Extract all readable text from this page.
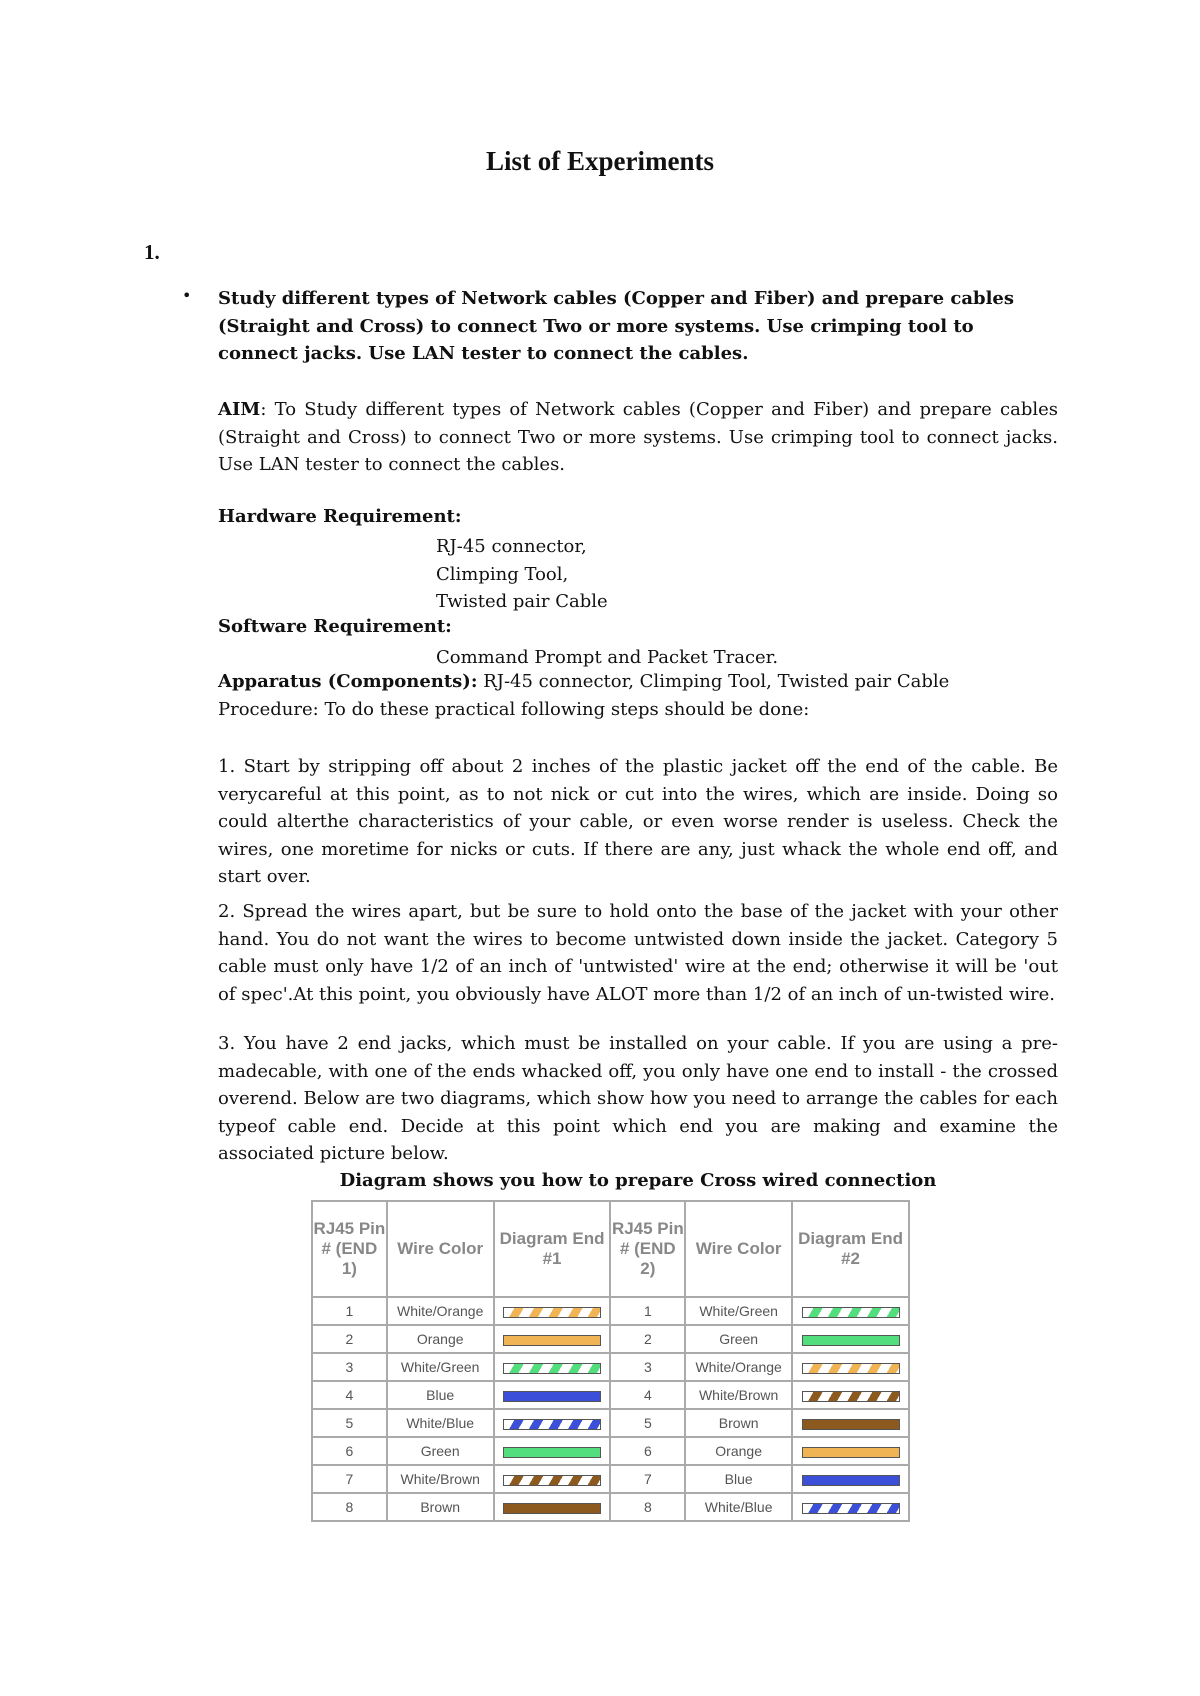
List of Experiments
1.
• Study different types of Network cables (Copper and Fiber) and prepare cables (Straight and Cross) to connect Two or more systems. Use crimping tool to connect jacks. Use LAN tester to connect the cables.
AIM: To Study different types of Network cables (Copper and Fiber) and prepare cables (Straight and Cross) to connect Two or more systems. Use crimping tool to connect jacks. Use LAN tester to connect the cables.
Hardware Requirement:
RJ-45 connector,
Climping Tool,
Twisted pair Cable
Software Requirement:
Command Prompt and Packet Tracer.
Apparatus (Components): RJ-45 connector, Climping Tool, Twisted pair Cable
Procedure: To do these practical following steps should be done:
1. Start by stripping off about 2 inches of the plastic jacket off the end of the cable. Be verycareful at this point, as to not nick or cut into the wires, which are inside. Doing so could alterthe characteristics of your cable, or even worse render is useless. Check the wires, one moretime for nicks or cuts. If there are any, just whack the whole end off, and start over.
2. Spread the wires apart, but be sure to hold onto the base of the jacket with your other hand. You do not want the wires to become untwisted down inside the jacket. Category 5 cable must only have 1/2 of an inch of 'untwisted' wire at the end; otherwise it will be 'out of spec'.At this point, you obviously have ALOT more than 1/2 of an inch of un-twisted wire.
3. You have 2 end jacks, which must be installed on your cable. If you are using a pre-madecable, with one of the ends whacked off, you only have one end to install - the crossed overend. Below are two diagrams, which show how you need to arrange the cables for each typeof cable end. Decide at this point which end you are making and examine the associated picture below.
Diagram shows you how to prepare Cross wired connection
RJ45 Pin # (END 1)	Wire Color	Diagram End #1	RJ45 Pin # (END 2)	Wire Color	Diagram End #2
1	White/Orange		1	White/Green	
2	Orange		2	Green	
3	White/Green		3	White/Orange	
4	Blue		4	White/Brown	
5	White/Blue		5	Brown	
6	Green		6	Orange	
7	White/Brown		7	Blue	
8	Brown		8	White/Blue	
